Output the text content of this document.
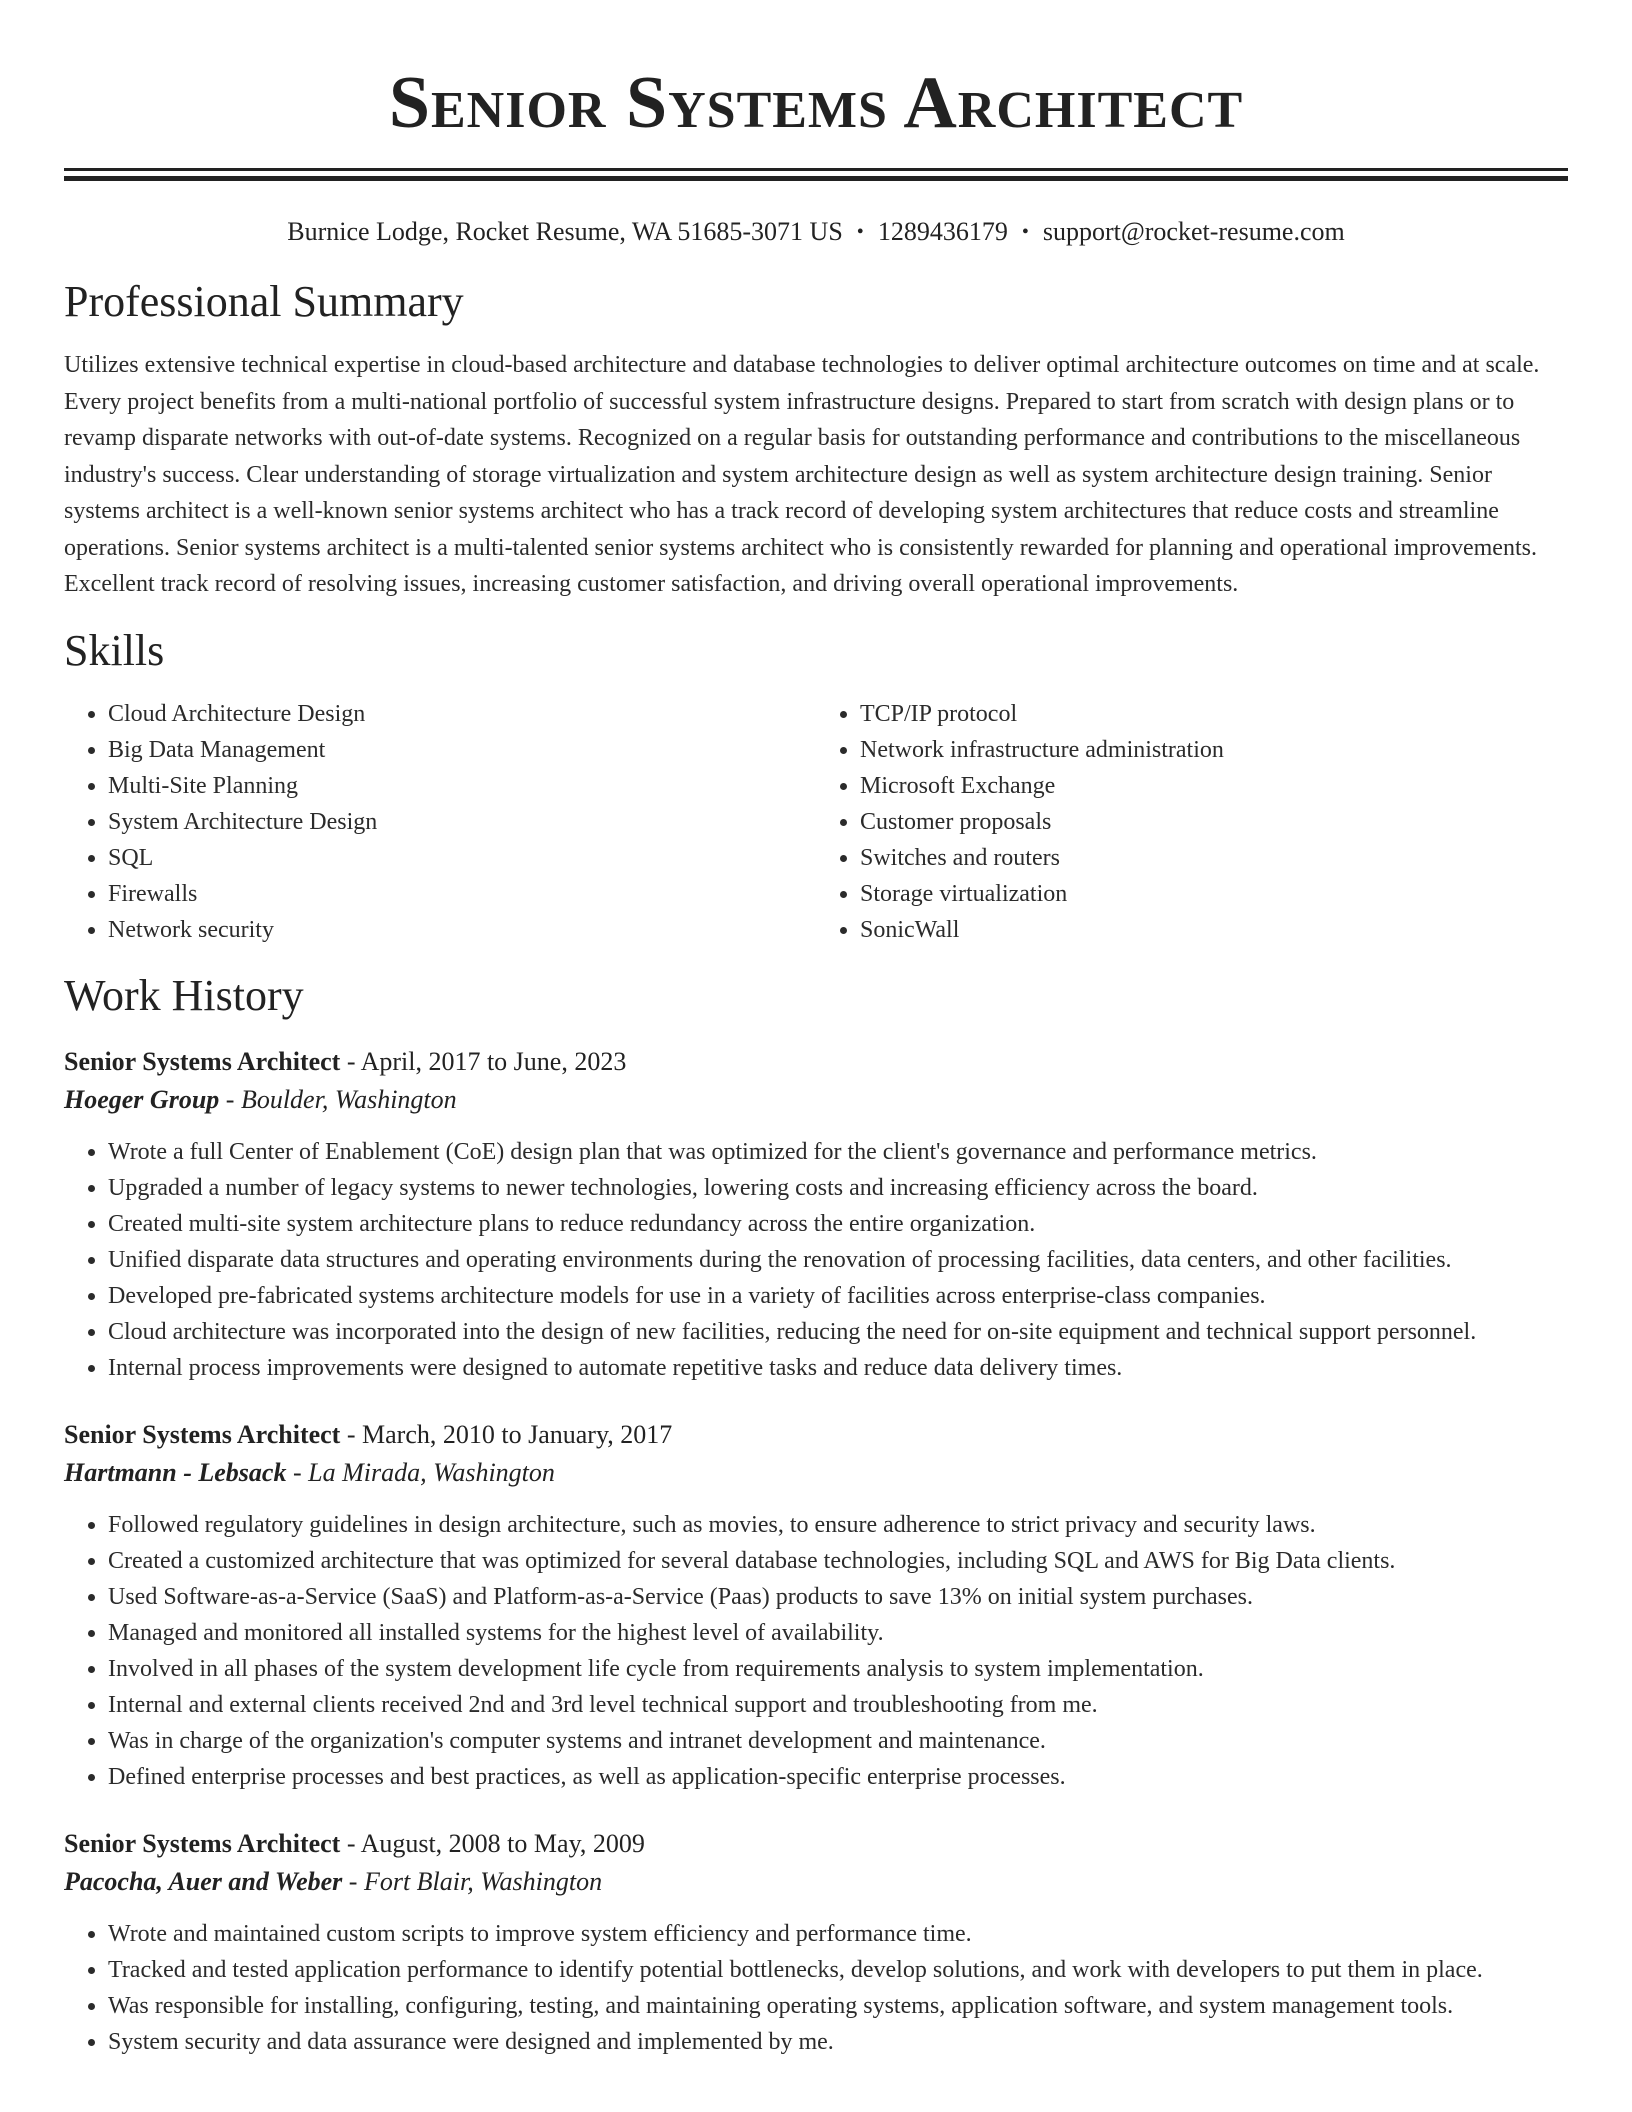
Senior Systems Architect
Burnice Lodge, Rocket Resume, WA 51685-3071 US • 1289436179 • support@rocket-resume.com
Professional Summary

Utilizes extensive technical expertise in cloud-based architecture and database technologies to deliver optimal architecture outcomes on time and at scale. Every project benefits from a multi-national portfolio of successful system infrastructure designs. Prepared to start from scratch with design plans or to revamp disparate networks with out-of-date systems. Recognized on a regular basis for outstanding performance and contributions to the miscellaneous industry's success. Clear understanding of storage virtualization and system architecture design as well as system architecture design training. Senior systems architect is a well-known senior systems architect who has a track record of developing system architectures that reduce costs and streamline operations. Senior systems architect is a multi-talented senior systems architect who is consistently rewarded for planning and operational improvements. Excellent track record of resolving issues, increasing customer satisfaction, and driving overall operational improvements.

Skills
• Cloud Architecture Design
• Big Data Management
• Multi-Site Planning
• System Architecture Design
• SQL
• Firewalls
• Network security
• TCP/IP protocol
• Network infrastructure administration
• Microsoft Exchange
• Customer proposals
• Switches and routers
• Storage virtualization
• SonicWall
Work History
Senior Systems Architect - April, 2017 to June, 2023
Hoeger Group - Boulder, Washington
• Wrote a full Center of Enablement (CoE) design plan that was optimized for the client's governance and performance metrics.
• Upgraded a number of legacy systems to newer technologies, lowering costs and increasing efficiency across the board.
• Created multi-site system architecture plans to reduce redundancy across the entire organization.
• Unified disparate data structures and operating environments during the renovation of processing facilities, data centers, and other facilities.
• Developed pre-fabricated systems architecture models for use in a variety of facilities across enterprise-class companies.
• Cloud architecture was incorporated into the design of new facilities, reducing the need for on-site equipment and technical support personnel.
• Internal process improvements were designed to automate repetitive tasks and reduce data delivery times.
Senior Systems Architect - March, 2010 to January, 2017
Hartmann - Lebsack - La Mirada, Washington
• Followed regulatory guidelines in design architecture, such as movies, to ensure adherence to strict privacy and security laws.
• Created a customized architecture that was optimized for several database technologies, including SQL and AWS for Big Data clients.
• Used Software-as-a-Service (SaaS) and Platform-as-a-Service (Paas) products to save 13% on initial system purchases.
• Managed and monitored all installed systems for the highest level of availability.
• Involved in all phases of the system development life cycle from requirements analysis to system implementation.
• Internal and external clients received 2nd and 3rd level technical support and troubleshooting from me.
• Was in charge of the organization's computer systems and intranet development and maintenance.
• Defined enterprise processes and best practices, as well as application-specific enterprise processes.
Senior Systems Architect - August, 2008 to May, 2009
Pacocha, Auer and Weber - Fort Blair, Washington
• Wrote and maintained custom scripts to improve system efficiency and performance time.
• Tracked and tested application performance to identify potential bottlenecks, develop solutions, and work with developers to put them in place.
• Was responsible for installing, configuring, testing, and maintaining operating systems, application software, and system management tools.
• System security and data assurance were designed and implemented by me.
